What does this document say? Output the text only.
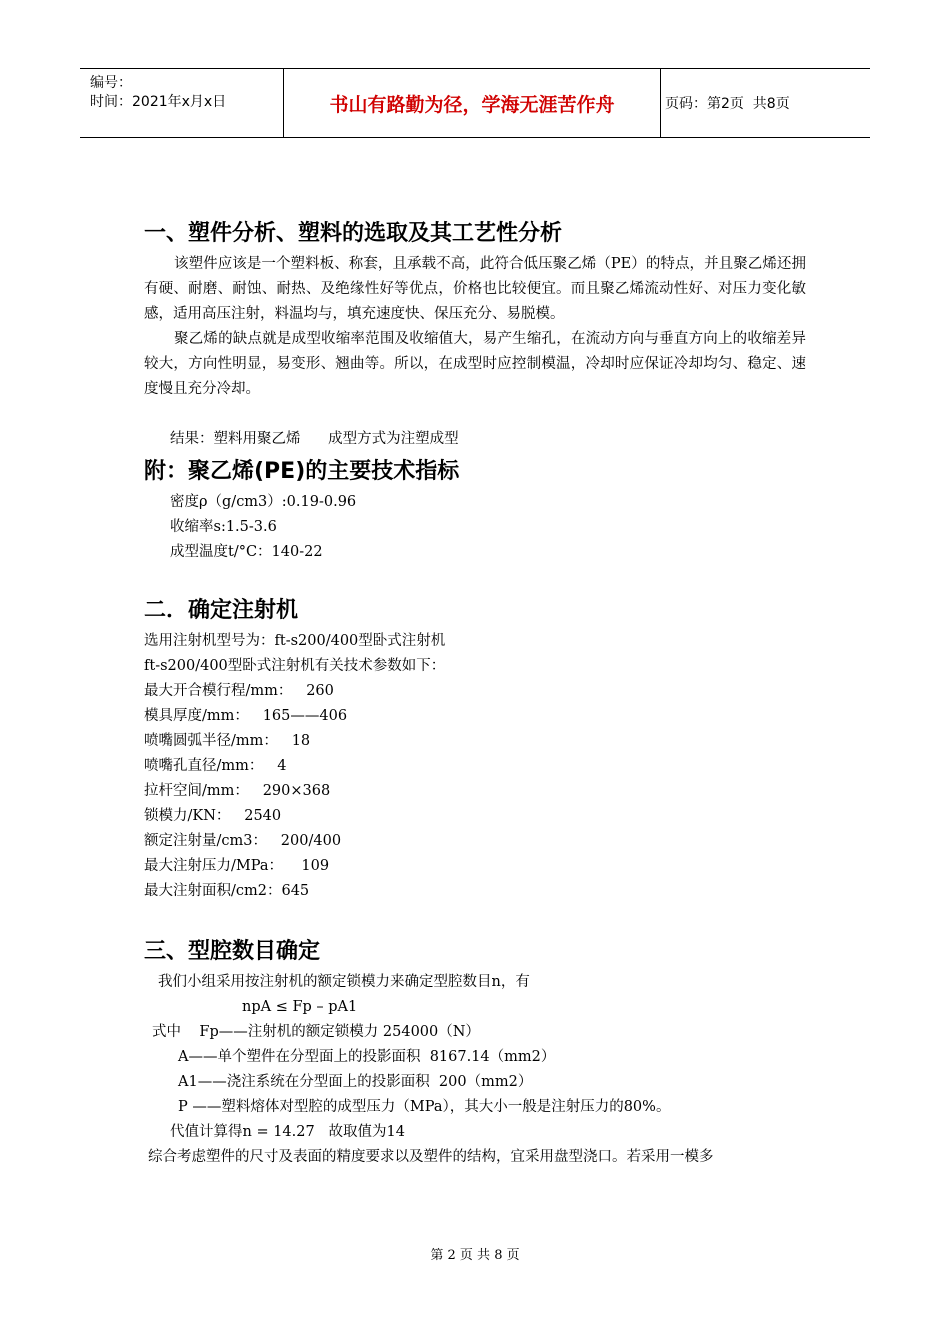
编号：
时间：2021年x月x日	书山有路勤为径，学海无涯苦作舟	页码：第2页  共8页
一、塑件分析、塑料的选取及其工艺性分析

该塑件应该是一个塑料板、称套，且承载不高，此符合低压聚乙烯（PE）的特点，并且聚乙烯还拥有硬、耐磨、耐蚀、耐热、及绝缘性好等优点，价格也比较便宜。而且聚乙烯流动性好、对压力变化敏感，适用高压注射，料温均与，填充速度快、保压充分、易脱模。

聚乙烯的缺点就是成型收缩率范围及收缩值大，易产生缩孔，在流动方向与垂直方向上的收缩差异较大，方向性明显，易变形、翘曲等。所以，在成型时应控制模温，冷却时应保证冷却均匀、稳定、速度慢且充分冷却。

结果：塑料用聚乙烯      成型方式为注塑成型

附：聚乙烯(PE)的主要技术指标

密度ρ（g/cm3）:0.19-0.96

收缩率s:1.5-3.6

成型温度t/°C：140-22

二．确定注射机

选用注射机型号为：ft-s200/400型卧式注射机

ft-s200/400型卧式注射机有关技术参数如下：

最大开合模行程/mm：   260

模具厚度/mm：   165——406

喷嘴圆弧半径/mm：   18

喷嘴孔直径/mm：   4

拉杆空间/mm：   290×368

锁模力/KN：   2540

额定注射量/cm3：   200/400

最大注射压力/MPa：    109

最大注射面积/cm2：645

三、型腔数目确定

我们小组采用按注射机的额定锁模力来确定型腔数目n，有

npA ≤ Fp – pA1

式中    Fp——注射机的额定锁模力 254000（N）

A——单个塑件在分型面上的投影面积  8167.14（mm2）

A1——浇注系统在分型面上的投影面积  200（mm2）

P ——塑料熔体对型腔的成型压力（MPa），其大小一般是注射压力的80%。

代值计算得n = 14.27   故取值为14

综合考虑塑件的尺寸及表面的精度要求以及塑件的结构，宜采用盘型浇口。若采用一模多

第 2 页 共 8 页
